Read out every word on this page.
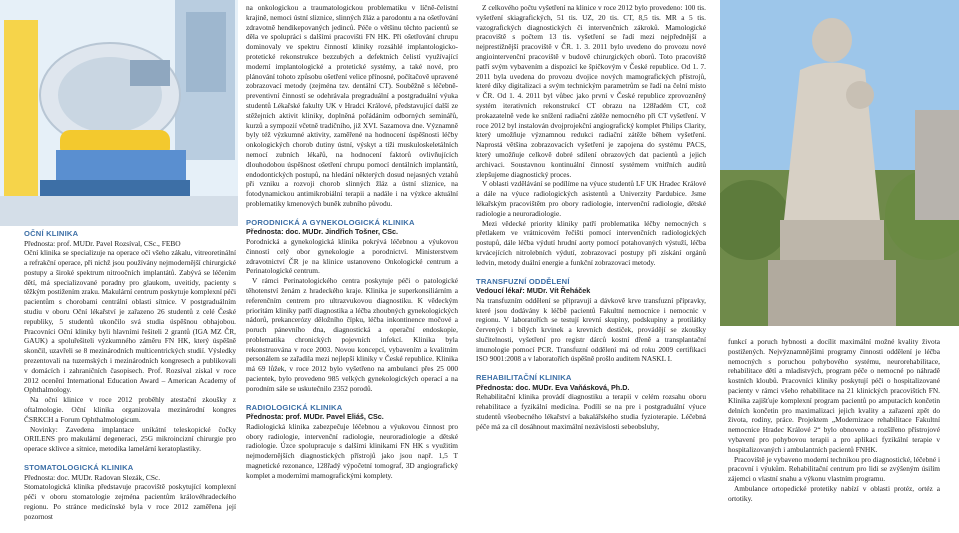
OČNÍ KLINIKA

Přednosta: prof. MUDr. Pavel Rozsíval, CSc., FEBO

Oční klinika se specializuje na operace očí všeho zákalu, vitreoretinální a refrakční operace, při nichž jsou používány nejmodernější chirurgické postupy a široké spektrum nitroočních implantátů. Zabývá se léčením dětí, má specializované poradny pro glaukom, uveitidy, pacienty s těžkým postižením zraku. Makulární centrum poskytuje komplexní péči pacientům s chorobami centrální oblasti sítnice. V postgraduálním studiu v oboru Oční lékařství je zařazeno 26 studentů z celé České republiky, 5 studentů ukončilo svá studia úspěšnou obhajobou. Pracovníci Oční kliniky byli hlavními řešiteli 2 grantů (IGA MZ ČR, GAUK) a spoluřešiteli výzkumného záměru FN HK, který úspěšně skončil, uzavřeli se 8 mezinárodních multicentrických studií. Výsledky prezentovali na tuzemských i mezinárodních kongresech a publikovali v domácích i zahraničních časopisech. Prof. Rozsíval získal v roce 2012 ocenění International Education Award – American Academy of Ophthalmology.

Na oční klinice v roce 2012 proběhly atestační zkoušky z oftalmologie. Oční klinika organizovala mezinárodní kongres ČSRKCH a Forum Ophthalmologicum.

Novinky: Zavedena implantace unikátní teleskopické čočky ORILENS pro makulární degeneraci, 25G mikroincizní chirurgie pro operace sklivce a sítnice, metodika lamelární keratoplastiky.

STOMATOLOGICKÁ KLINIKA

Přednosta: doc. MUDr. Radovan Slezák, CSc.

Stomatologická klinika představuje pracoviště poskytující komplexní péči v oboru stomatologie zejména pacientům královéhradeckého regionu. Po stránce medicínské byla v roce 2012 zaměřena její pozornost

na onkologickou a traumatologickou problematiku v líčně-čelistní krajině, nemoci ústní sliznice, slinných žláz a parodontu a na ošetřování zdravotně hendikepovaných jedinců. Péče o většinu těchto pacientů se děla ve spolupráci s dalšími pracovišti FN HK. Při ošetřování chrupu dominovaly ve spektru činností kliniky rozsáhlé implantologicko-protetické rekonstrukce bezzubých a defektních čelistí využívající moderní implantologické a protetické systémy, a také nové, pro plánování tohoto způsobu ošetření velice přínosné, počítačově upravené zobrazovací metody (zejména tzv. dentální CT). Souběžně s léčebně-preventivní činností se odehrávala pregraduální a postgraduální výuka studentů Lékařské fakulty UK v Hradci Králové, představující další ze stěžejních aktivit kliniky, doplněná pořádáním odborných seminářů, kurzů a sympozií včetně tradičního, již XVI. Sazamova dne. Významně byly též výzkumné aktivity, zaměřené na hodnocení úspěšnosti léčby onkologických chorob dutiny ústní, výskyt a tíži muskuloskeletálních nemocí zubních lékařů, na hodnocení faktorů ovlivňujících dlouhodobou úspěšnost ošetření chrupu pomocí dentálních implantátů, endodontických postupů, na hledání některých dosud nejasných vztahů při vzniku a rozvoji chorob slinných žláz a ústní sliznice, na fotodynamickou antimikrobiální terapii a nadále i na výzkce aktuální problematiky kmenových buněk zubního původu.

PORODNICKÁ A GYNEKOLOGICKÁ KLINIKA

Přednosta: doc. MUDr. Jindřich Tošner, CSc.

Porodnická a gynekologická klinika pokrývá léčebnou a výukovou činností celý obor gynekologie a porodnictví. Ministerstvem zdravotnictví ČR je na klinice ustanoveno Onkologické centrum a Perinatologické centrum.

V rámci Perinatologického centra poskytuje péči o patologické těhotenství ženám z hradeckého kraje. Klinika je superkonsiliárním a referenčním centrem pro ultrazvukovou diagnostiku. K vědeckým prioritám kliniky patří diagnostika a léčba zhoubných gynekologických nádorů, prekancerózy děložního čípku, léčba inkontinence močové a poruch pánevního dna, diagnostická a operační endoskopie, problematika chronických pojevních infekcí. Klinika byla rekonstruována v roce 2003. Novou koncepcí, vybavením a kvalitním personálem se zařadila mezi nejlepší kliniky v České republice. Klinika má 69 lůžek, v roce 2012 bylo vyšetřeno na ambulanci přes 25 000 pacientek, bylo provedeno 985 velkých gynekologických operací a na porodním sále se uskutečnilo 2352 porodů.

RADIOLOGICKÁ KLINIKA

Přednosta: prof. MUDr. Pavel Eliáš, CSc.

Radiologická klinika zabezpečuje léčebnou a výukovou činnost pro obory radiologie, intervenční radiologie, neuroradiologie a dětské radiologie. Úzce spolupracuje s dalšími klinikami FN HK s využitím nejmodernějších diagnostických přístrojů jako jsou např. 1,5 T magnetické rezonance, 128řadý výpočetní tomograf, 3D angiografický komplet a moderními mamografickými komplety.

Z celkového počtu vyšetření na klinice v roce 2012 bylo provedeno: 100 tis. vyšetření skiagrafických, 51 tis. UZ, 20 tis. CT, 8,5 tis. MR a 5 tis. vazografických diagnostických či intervenčních zákroků. Mamologické pracoviště s počtem 13 tis. vyšetření se řadí mezi nejpřednější a nejprestižnější pracoviště v ČR. 1. 3. 2011 bylo uvedeno do provozu nové angiointervenční pracoviště v budově chirurgických oborů. Toto pracoviště patří svým vybavením a dispozicí ke špičkovým v České republice. Od 1. 7. 2011 byla uvedena do provozu dvojice nových mamografických přístrojů, které díky digitalizaci a svým technickým parametrům se řadí na čelní místo v ČR. Od 1. 4. 2011 byl vůbec jako první v České republice zprovozněný systém iterativních rekonstrukcí CT obrazu na 128řadém CT, což prokazatelně vede ke snížení radiační zátěže nemocného při CT vyšetření. V roce 2012 byl instalován dvojprojekční angiografický komplet Philips Clarity, který umožňuje významnou redukci radiační zátěže během vyšetření. Naprostá většina zobrazovacích vyšetření je zapojena do systému PACS, který umožňuje celkově dobré sdílení obrazových dat pacientů a jejich archivaci. Soustavnou kontinuální činností systémem vnitřních auditů zlepšujeme diagnostický proces.

V oblasti vzdělávání se podílíme na výuce studentů LF UK Hradec Králové a dále na výuce radiologických asistentů a Univerzity Pardubice. Jsme lékařským pracovištěm pro obory radiologie, intervenční radiologie, dětské radiologie a neuroradiologie.

Mezi vědecké priority kliniky patří problematika léčby nemocných s přetlakem ve vrátnicovém řečišti pomocí intervenčních radiologických postupů, dále léčba výdutí hrudní aorty pomocí potahovaných výstuží, léčba krvácejících nitrolebních výdutí, zobrazovací postupy při získání orgánů ledvin, metody duální energie a funkční zobrazovací metody.

TRANSFUZNÍ ODDĚLENÍ

Vedoucí lékař: MUDr. Vít Řeháček

Na transfuzním oddělení se připravují a dávkově krve transfuzní přípravky, které jsou dodávány k léčbě pacientů Fakultní nemocnice i nemocnic v regionu. V laboratořích se testují krevní skupiny, podskupiny a protilátky červených i bílých krvinek a krevních destiček, provádějí se zkoušky slučitelnosti, vyšetření pro registr dárců kostní dřeně a transplantační imunologie pomocí PCR. Transfuzní oddělení má od roku 2009 certifikaci ISO 9001:2008 a v laboratořích úspěšně prošlo auditem NASKL I.

REHABILITAČNÍ KLINIKA

Přednosta: doc. MUDr. Eva Vaňásková, Ph.D.

Rehabilitační klinika provádí diagnostiku a terapii v celém rozsahu oboru rehabilitace a fyzikální medicína. Podílí se na pre i postgraduální výuce studentů všeobecného lékařství a bakalářského studia fyzioterapie. Léčebná péče má za cíl dosáhnout maximální nezávislosti sebeobsluhy,

funkcí a poruch hybnosti a docílit maximální možné kvality života postižených. Nejvýznamnějšími programy činnosti oddělení je léčba nemocných s poruchou pohybového systému, neurorehabilitace, rehabilitace dětí a mladistvých, program péče o nemocné po náhradě kostních kloubů. Pracovníci kliniky poskytují péči o hospitalizované pacienty v rámci všeho rehabilitace na 21 klinických pracovištích FN. Klinika zajišťuje komplexní program pacientů po amputacích končetin delních končetin pro maximalizaci jejich kvality a zařazení zpět do života, rodiny, práce. Projektem „Modernizace rehabilitace Fakultní nemocnice Hradec Králové 2“ bylo obnoveno a rozšířeno přístrojové vybavení pro pohybovou terapii a pro aplikaci fyzikální terapie v hospitalizovaných i ambulantních pacientů FNHK.

Pracoviště je vybaveno moderní technikou pro diagnostické, léčebné i pracovní i výukům. Rehabilitační centrum pro lidi se zvýšeným úsilím zájemci o vlastní snahu a výkonu vlastním programu.

Ambulance ortopedické protetiky nabízí v oblasti protéz, ortéz a ortotiky.
